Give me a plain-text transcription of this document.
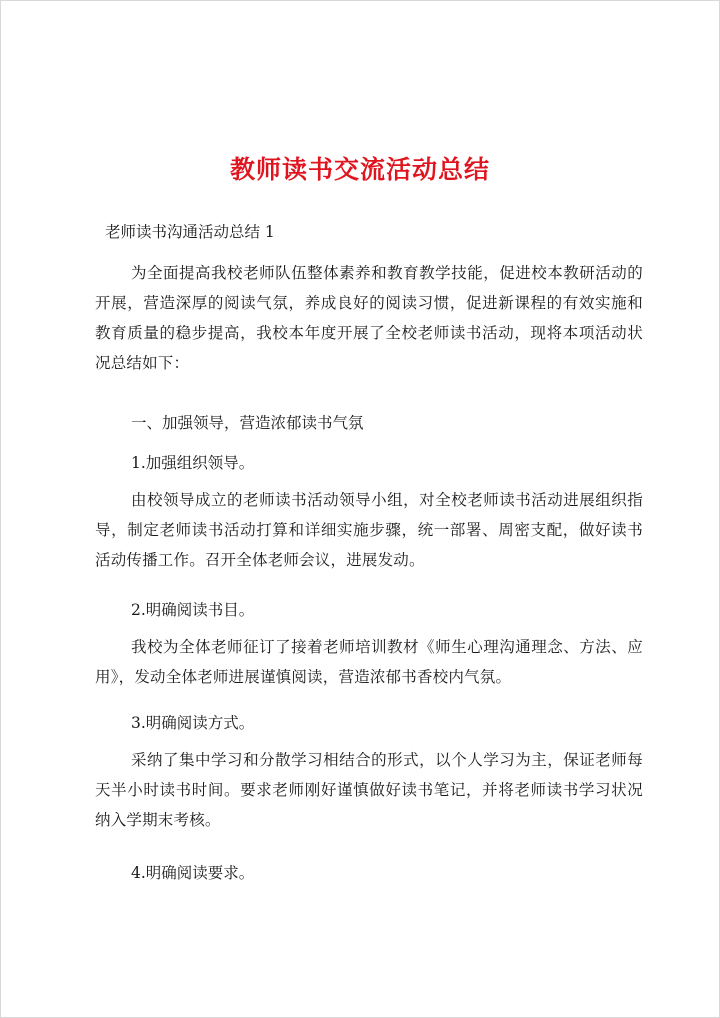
教师读书交流活动总结
老师读书沟通活动总结 1
为全面提高我校老师队伍整体素养和教育教学技能，促进校本教研活动的开展，营造深厚的阅读气氛，养成良好的阅读习惯，促进新课程的有效实施和教育质量的稳步提高，我校本年度开展了全校老师读书活动，现将本项活动状况总结如下：
一、加强领导，营造浓郁读书气氛
1.加强组织领导。
由校领导成立的老师读书活动领导小组，对全校老师读书活动进展组织指导，制定老师读书活动打算和详细实施步骤，统一部署、周密支配，做好读书活动传播工作。召开全体老师会议，进展发动。
2.明确阅读书目。
我校为全体老师征订了接着老师培训教材《师生心理沟通理念、方法、应用》，发动全体老师进展谨慎阅读，营造浓郁书香校内气氛。
3.明确阅读方式。
采纳了集中学习和分散学习相结合的形式，以个人学习为主，保证老师每天半小时读书时间。要求老师刚好谨慎做好读书笔记，并将老师读书学习状况纳入学期末考核。
4.明确阅读要求。
